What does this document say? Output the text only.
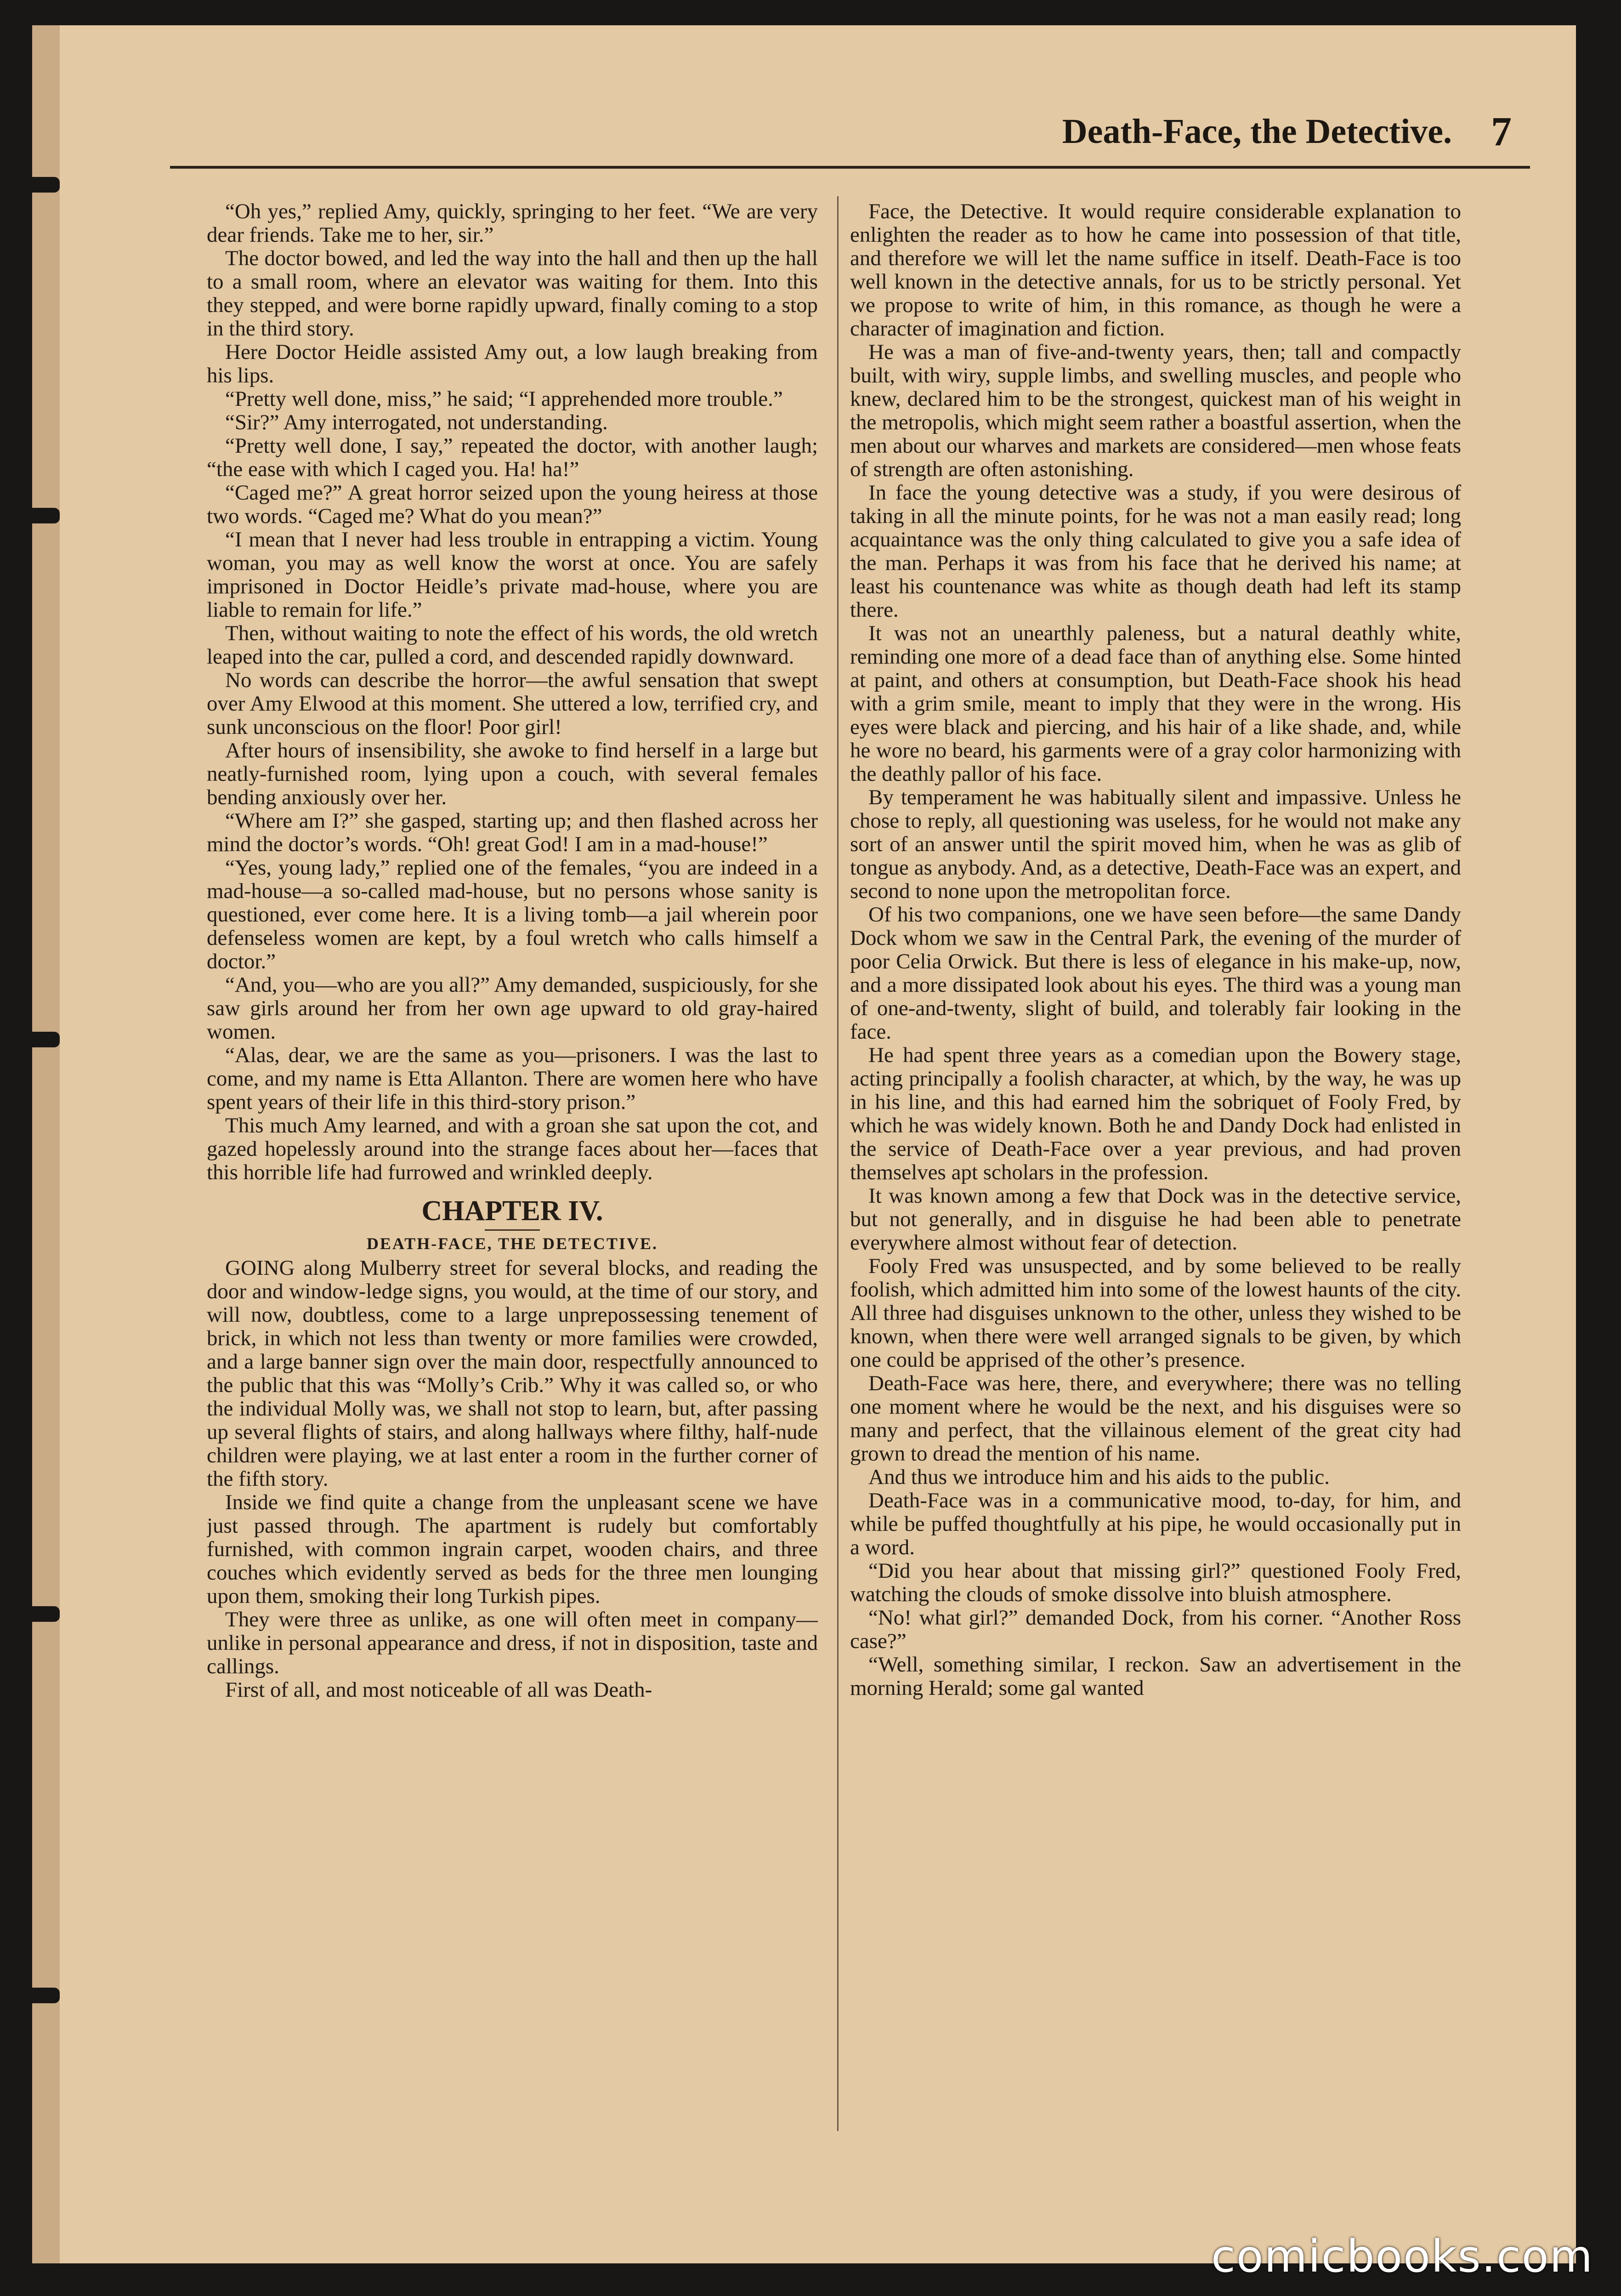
Death-Face, the Detective. 7

“Oh yes,” replied Amy, quickly, springing to her feet. “We are very dear friends. Take me to her, sir.”

The doctor bowed, and led the way into the hall and then up the hall to a small room, where an elevator was waiting for them. Into this they stepped, and were borne rapidly upward, finally coming to a stop in the third story.

Here Doctor Heidle assisted Amy out, a low laugh breaking from his lips.

“Pretty well done, miss,” he said; “I apprehended more trouble.”

“Sir?” Amy interrogated, not understanding.

“Pretty well done, I say,” repeated the doctor, with another laugh; “the ease with which I caged you. Ha! ha!”

“Caged me?” A great horror seized upon the young heiress at those two words. “Caged me? What do you mean?”

“I mean that I never had less trouble in entrapping a victim. Young woman, you may as well know the worst at once. You are safely imprisoned in Doctor Heidle’s private mad-house, where you are liable to remain for life.”

Then, without waiting to note the effect of his words, the old wretch leaped into the car, pulled a cord, and descended rapidly downward.

No words can describe the horror—the awful sensation that swept over Amy Elwood at this moment. She uttered a low, terrified cry, and sunk unconscious on the floor! Poor girl!

After hours of insensibility, she awoke to find herself in a large but neatly-furnished room, lying upon a couch, with several females bending anxiously over her.

“Where am I?” she gasped, starting up; and then flashed across her mind the doctor’s words. “Oh! great God! I am in a mad-house!”

“Yes, young lady,” replied one of the females, “you are indeed in a mad-house—a so-called mad-house, but no persons whose sanity is questioned, ever come here. It is a living tomb—a jail wherein poor defenseless women are kept, by a foul wretch who calls himself a doctor.”

“And, you—who are you all?” Amy demanded, suspiciously, for she saw girls around her from her own age upward to old gray-haired women.

“Alas, dear, we are the same as you—prisoners. I was the last to come, and my name is Etta Allanton. There are women here who have spent years of their life in this third-story prison.”

This much Amy learned, and with a groan she sat upon the cot, and gazed hopelessly around into the strange faces about her—faces that this horrible life had furrowed and wrinkled deeply.

CHAPTER IV.
DEATH-FACE, THE DETECTIVE.

GOING along Mulberry street for several blocks, and reading the door and window-ledge signs, you would, at the time of our story, and will now, doubtless, come to a large unprepossessing tenement of brick, in which not less than twenty or more families were crowded, and a large banner sign over the main door, respectfully announced to the public that this was “Molly’s Crib.” Why it was called so, or who the individual Molly was, we shall not stop to learn, but, after passing up several flights of stairs, and along hallways where filthy, half-nude children were playing, we at last enter a room in the further corner of the fifth story.

Inside we find quite a change from the unpleasant scene we have just passed through. The apartment is rudely but comfortably furnished, with common ingrain carpet, wooden chairs, and three couches which evidently served as beds for the three men lounging upon them, smoking their long Turkish pipes.

They were three as unlike, as one will often meet in company—unlike in personal appearance and dress, if not in disposition, taste and callings.

First of all, and most noticeable of all was Death-

Face, the Detective. It would require considerable explanation to enlighten the reader as to how he came into possession of that title, and therefore we will let the name suffice in itself. Death-Face is too well known in the detective annals, for us to be strictly personal. Yet we propose to write of him, in this romance, as though he were a character of imagination and fiction.

He was a man of five-and-twenty years, then; tall and compactly built, with wiry, supple limbs, and swelling muscles, and people who knew, declared him to be the strongest, quickest man of his weight in the metropolis, which might seem rather a boastful assertion, when the men about our wharves and markets are considered—men whose feats of strength are often astonishing.

In face the young detective was a study, if you were desirous of taking in all the minute points, for he was not a man easily read; long acquaintance was the only thing calculated to give you a safe idea of the man. Perhaps it was from his face that he derived his name; at least his countenance was white as though death had left its stamp there.

It was not an unearthly paleness, but a natural deathly white, reminding one more of a dead face than of anything else. Some hinted at paint, and others at consumption, but Death-Face shook his head with a grim smile, meant to imply that they were in the wrong. His eyes were black and piercing, and his hair of a like shade, and, while he wore no beard, his garments were of a gray color harmonizing with the deathly pallor of his face.

By temperament he was habitually silent and impassive. Unless he chose to reply, all questioning was useless, for he would not make any sort of an answer until the spirit moved him, when he was as glib of tongue as anybody. And, as a detective, Death-Face was an expert, and second to none upon the metropolitan force.

Of his two companions, one we have seen before—the same Dandy Dock whom we saw in the Central Park, the evening of the murder of poor Celia Orwick. But there is less of elegance in his make-up, now, and a more dissipated look about his eyes. The third was a young man of one-and-twenty, slight of build, and tolerably fair looking in the face.

He had spent three years as a comedian upon the Bowery stage, acting principally a foolish character, at which, by the way, he was up in his line, and this had earned him the sobriquet of Fooly Fred, by which he was widely known. Both he and Dandy Dock had enlisted in the service of Death-Face over a year previous, and had proven themselves apt scholars in the profession.

It was known among a few that Dock was in the detective service, but not generally, and in disguise he had been able to penetrate everywhere almost without fear of detection.

Fooly Fred was unsuspected, and by some believed to be really foolish, which admitted him into some of the lowest haunts of the city. All three had disguises unknown to the other, unless they wished to be known, when there were well arranged signals to be given, by which one could be apprised of the other’s presence.

Death-Face was here, there, and everywhere; there was no telling one moment where he would be the next, and his disguises were so many and perfect, that the villainous element of the great city had grown to dread the mention of his name.

And thus we introduce him and his aids to the public.

Death-Face was in a communicative mood, to-day, for him, and while be puffed thoughtfully at his pipe, he would occasionally put in a word.

“Did you hear about that missing girl?” questioned Fooly Fred, watching the clouds of smoke dissolve into bluish atmosphere.

“No! what girl?” demanded Dock, from his corner. “Another Ross case?”

“Well, something similar, I reckon. Saw an advertisement in the morning Herald; some gal wanted

comicbooks.com
